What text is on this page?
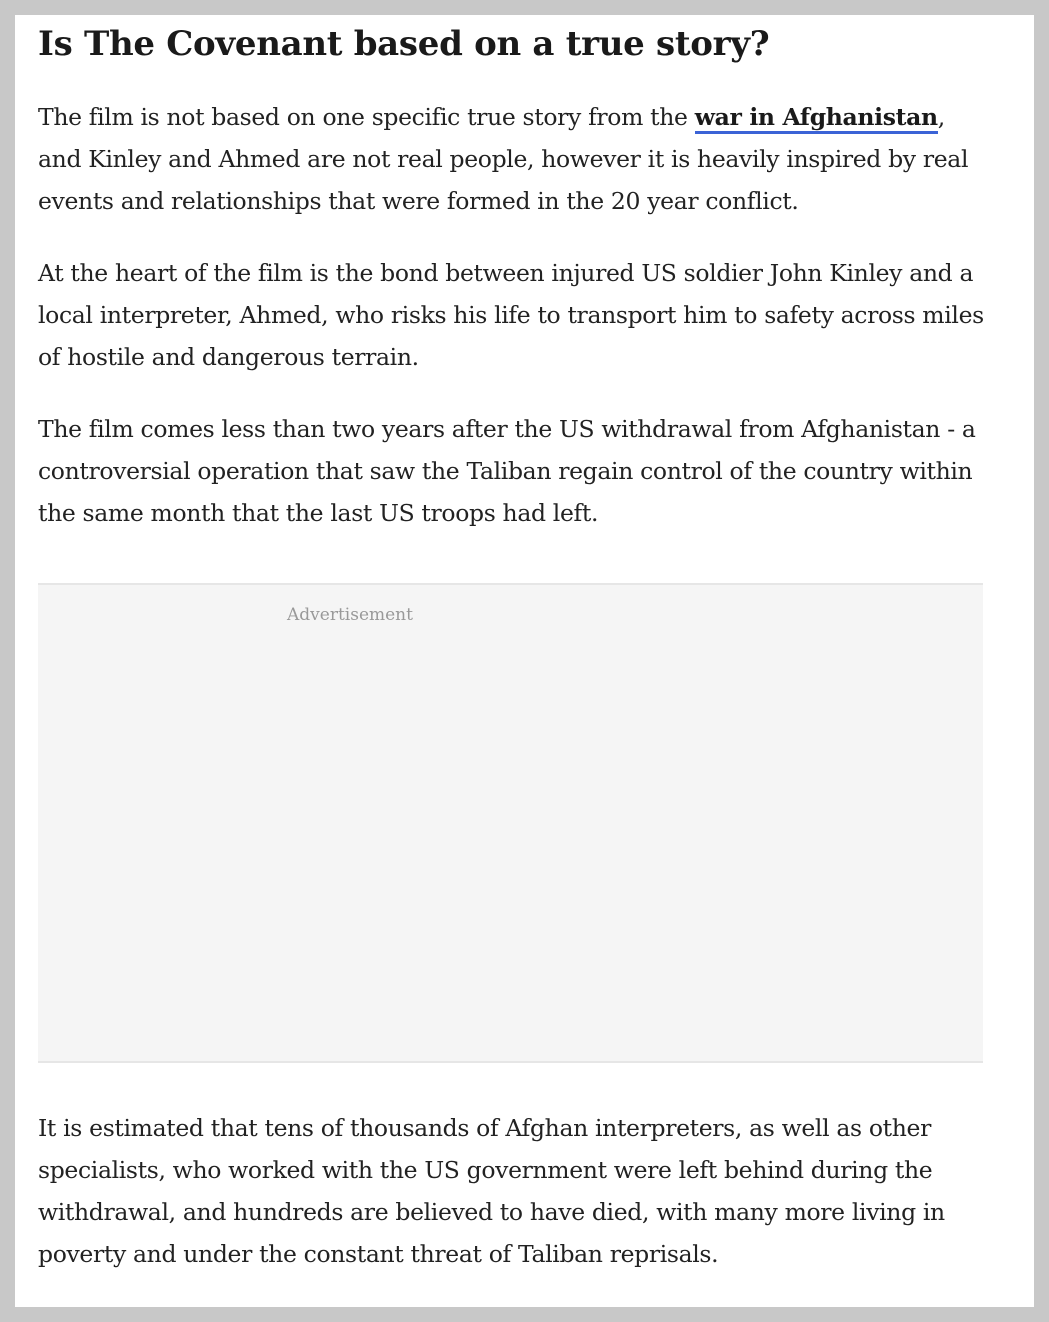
Is The Covenant based on a true story?

The film is not based on one specific true story from the war in Afghanistan, and Kinley and Ahmed are not real people, however it is heavily inspired by real events and relationships that were formed in the 20 year conflict.

At the heart of the film is the bond between injured US soldier John Kinley and a local interpreter, Ahmed, who risks his life to transport him to safety across miles of hostile and dangerous terrain.

The film comes less than two years after the US withdrawal from Afghanistan - a controversial operation that saw the Taliban regain control of the country within the same month that the last US troops had left.

Advertisement

It is estimated that tens of thousands of Afghan interpreters, as well as other specialists, who worked with the US government were left behind during the withdrawal, and hundreds are believed to have died, with many more living in poverty and under the constant threat of Taliban reprisals.
